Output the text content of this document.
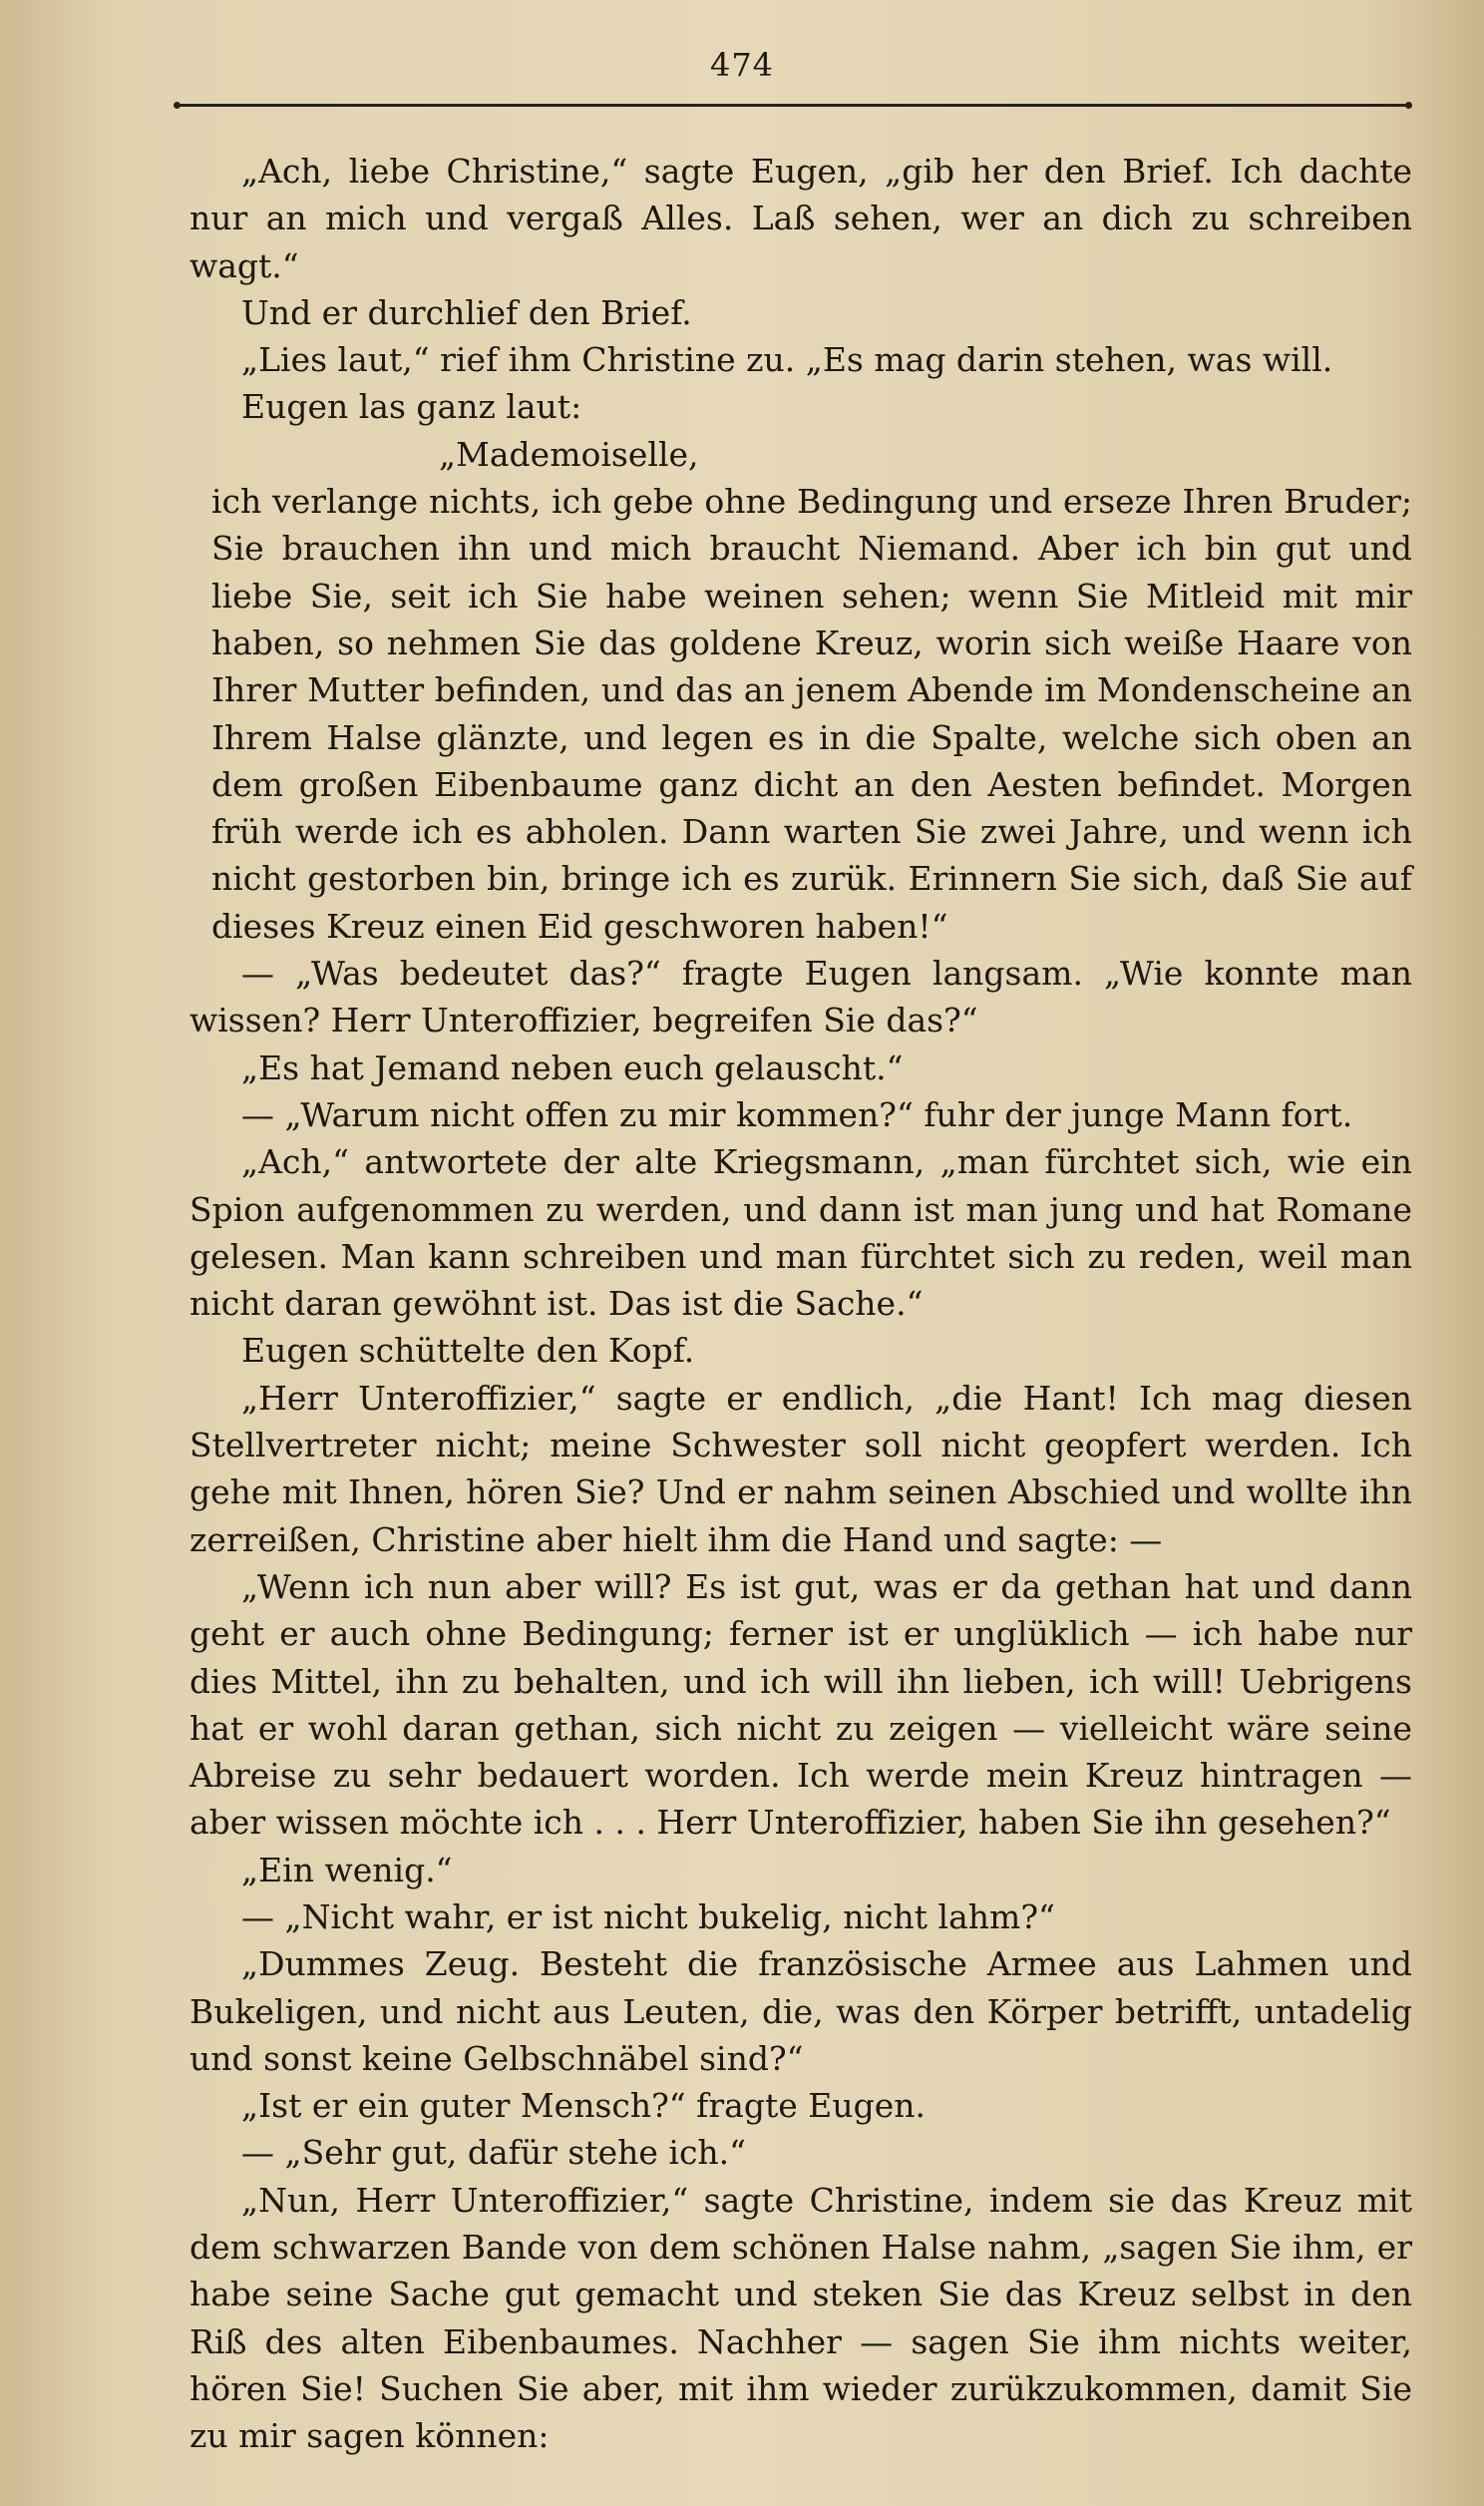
474

„Ach, liebe Christine,“ sagte Eugen, „gib her den Brief. Ich dachte nur an mich und vergaß Alles. Laß sehen, wer an dich zu schreiben wagt.“

Und er durchlief den Brief.

„Lies laut,“ rief ihm Christine zu. „Es mag darin stehen, was will.

Eugen las ganz laut:

„Mademoiselle,

ich verlange nichts, ich gebe ohne Bedingung und erseze Ihren Bruder; Sie brauchen ihn und mich braucht Niemand. Aber ich bin gut und liebe Sie, seit ich Sie habe weinen sehen; wenn Sie Mitleid mit mir haben, so nehmen Sie das goldene Kreuz, worin sich weiße Haare von Ihrer Mutter befinden, und das an jenem Abende im Mondenscheine an Ihrem Halse glänzte, und legen es in die Spalte, welche sich oben an dem großen Eibenbaume ganz dicht an den Aesten befindet. Morgen früh werde ich es abholen. Dann warten Sie zwei Jahre, und wenn ich nicht gestorben bin, bringe ich es zurük. Erinnern Sie sich, daß Sie auf dieses Kreuz einen Eid geschworen haben!“

— „Was bedeutet das?“ fragte Eugen langsam. „Wie konnte man wissen? Herr Unteroffizier, begreifen Sie das?“

„Es hat Jemand neben euch gelauscht.“

— „Warum nicht offen zu mir kommen?“ fuhr der junge Mann fort.

„Ach,“ antwortete der alte Kriegsmann, „man fürchtet sich, wie ein Spion aufgenommen zu werden, und dann ist man jung und hat Romane gelesen. Man kann schreiben und man fürchtet sich zu reden, weil man nicht daran gewöhnt ist. Das ist die Sache.“

Eugen schüttelte den Kopf.

„Herr Unteroffizier,“ sagte er endlich, „die Hant! Ich mag diesen Stellvertreter nicht; meine Schwester soll nicht geopfert werden. Ich gehe mit Ihnen, hören Sie? Und er nahm seinen Abschied und wollte ihn zerreißen, Christine aber hielt ihm die Hand und sagte: —

„Wenn ich nun aber will? Es ist gut, was er da gethan hat und dann geht er auch ohne Bedingung; ferner ist er unglüklich — ich habe nur dies Mittel, ihn zu behalten, und ich will ihn lieben, ich will! Uebrigens hat er wohl daran gethan, sich nicht zu zeigen — vielleicht wäre seine Abreise zu sehr bedauert worden. Ich werde mein Kreuz hintragen — aber wissen möchte ich . . . Herr Unteroffizier, haben Sie ihn gesehen?“

„Ein wenig.“

— „Nicht wahr, er ist nicht bukelig, nicht lahm?“

„Dummes Zeug. Besteht die französische Armee aus Lahmen und Bukeligen, und nicht aus Leuten, die, was den Körper betrifft, untadelig und sonst keine Gelbschnäbel sind?“

„Ist er ein guter Mensch?“ fragte Eugen.

— „Sehr gut, dafür stehe ich.“

„Nun, Herr Unteroffizier,“ sagte Christine, indem sie das Kreuz mit dem schwarzen Bande von dem schönen Halse nahm, „sagen Sie ihm, er habe seine Sache gut gemacht und steken Sie das Kreuz selbst in den Riß des alten Eibenbaumes. Nachher — sagen Sie ihm nichts weiter, hören Sie! Suchen Sie aber, mit ihm wieder zurükzukommen, damit Sie zu mir sagen können:
